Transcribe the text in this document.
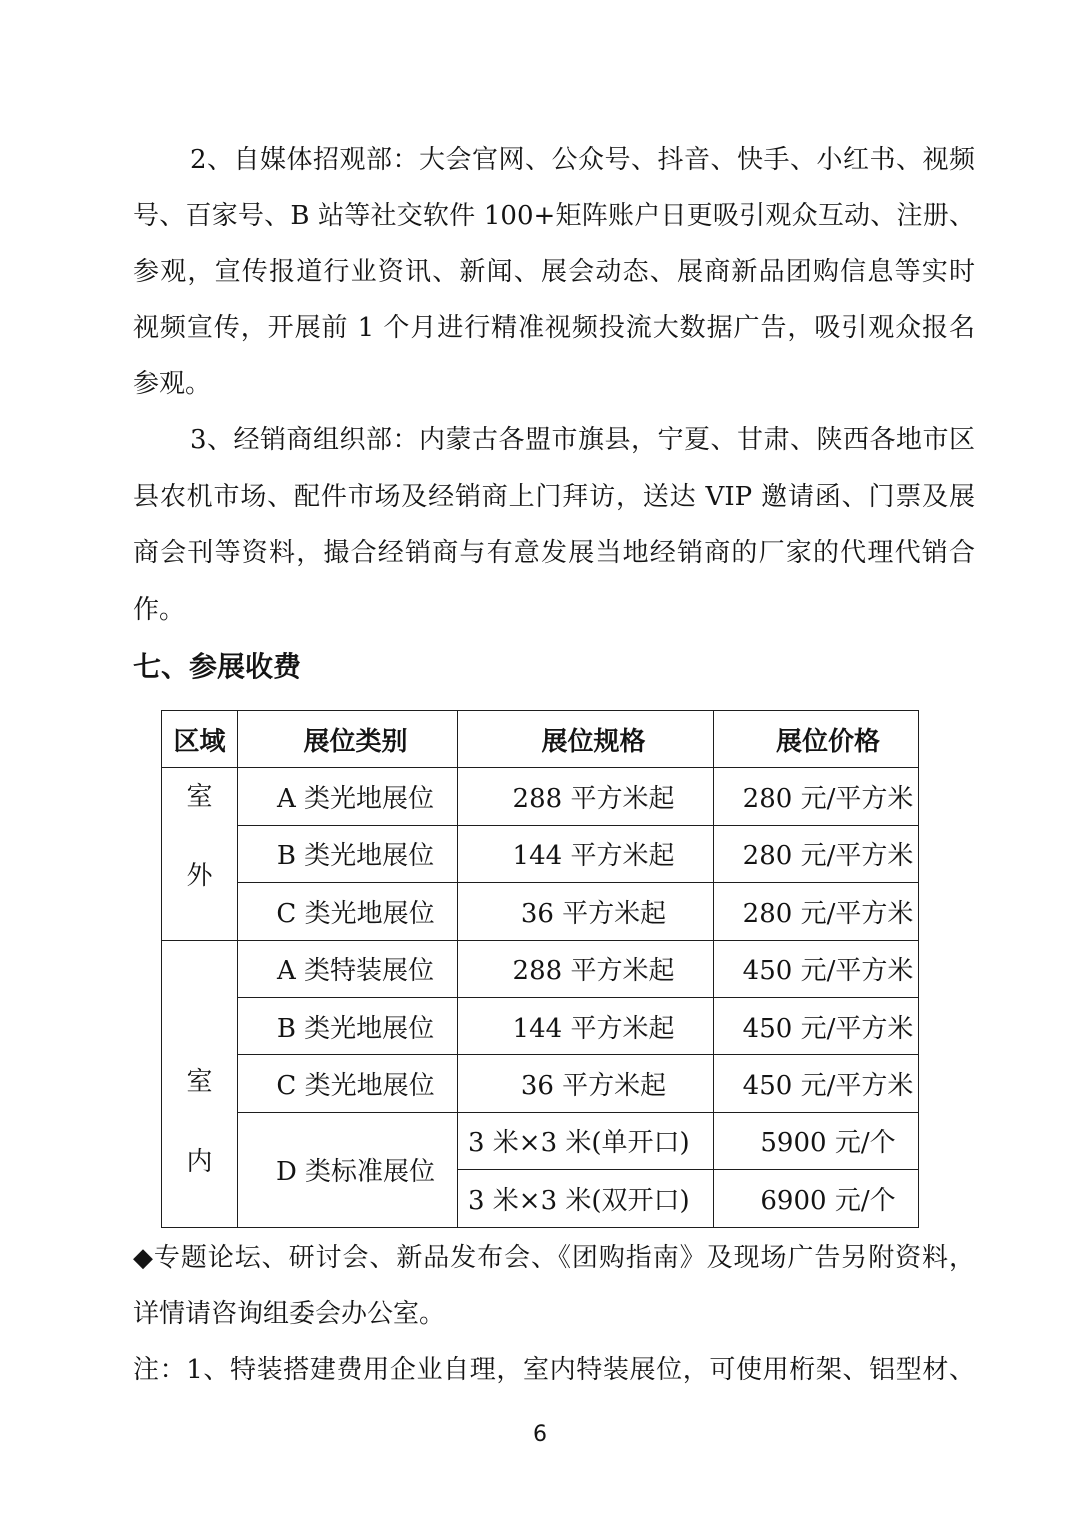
2、自媒体招观部：大会官网、公众号、抖音、快手、小红书、视频

号、百家号、B 站等社交软件 100+矩阵账户日更吸引观众互动、注册、

参观，宣传报道行业资讯、新闻、展会动态、展商新品团购信息等实时

视频宣传，开展前 1 个月进行精准视频投流大数据广告，吸引观众报名

参观。

3、经销商组织部：内蒙古各盟市旗县，宁夏、甘肃、陕西各地市区

县农机市场、配件市场及经销商上门拜访，送达 VIP 邀请函、门票及展

商会刊等资料，撮合经销商与有意发展当地经销商的厂家的代理代销合

作。

七、参展收费
区域	展位类别	展位规格	展位价格

室
外	A 类光地展位	288 平方米起	280 元/平方米
	B 类光地展位	144 平方米起	280 元/平方米
	C 类光地展位	36 平方米起	280 元/平方米

室
内	A 类特装展位	288 平方米起	450 元/平方米
	B 类光地展位	144 平方米起	450 元/平方米
	C 类光地展位	36 平方米起	450 元/平方米
	D 类标准展位	3 米×3 米(单开口)	5900 元/个
		3 米×3 米(双开口)	6900 元/个

◆专题论坛、研讨会、新品发布会、《团购指南》及现场广告另附资料，

详情请咨询组委会办公室。

注：1、特装搭建费用企业自理，室内特装展位，可使用桁架、铝型材、

6
